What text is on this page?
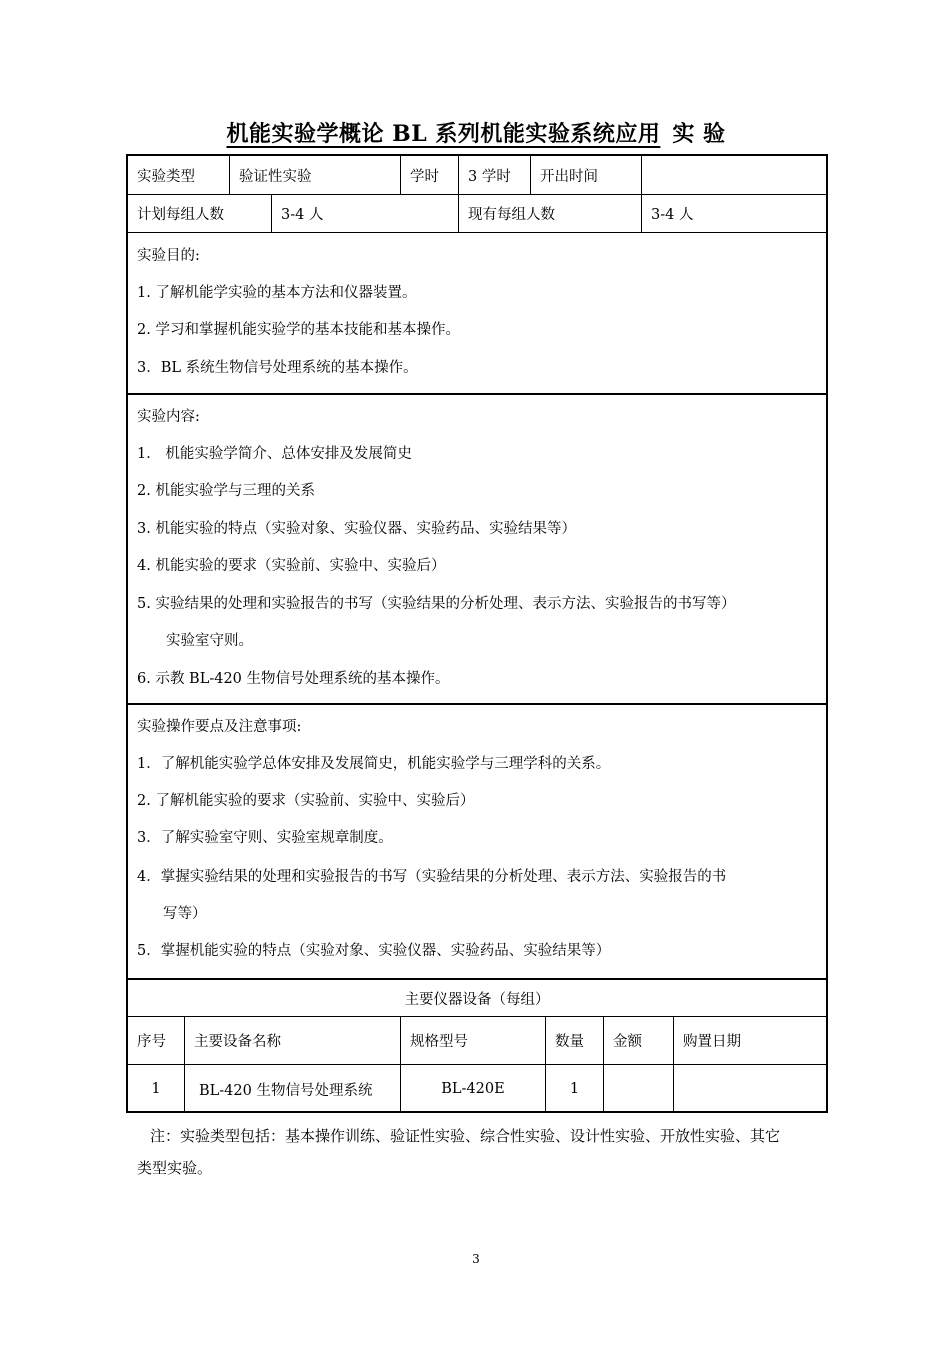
机能实验学概论 BL 系列机能实验系统应用 实 验
实验类型	验证性实验	学时	3 学时	开出时间
计划每组人数	3-4 人	现有每组人数	3-4 人
实验目的:
1. 了解机能学实验的基本方法和仪器装置。
2. 学习和掌握机能实验学的基本技能和基本操作。
3．BL 系统生物信号处理系统的基本操作。
实验内容:
1． 机能实验学简介、总体安排及发展简史
2. 机能实验学与三理的关系
3. 机能实验的特点（实验对象、实验仪器、实验药品、实验结果等）
4. 机能实验的要求（实验前、实验中、实验后）
5. 实验结果的处理和实验报告的书写（实验结果的分析处理、表示方法、实验报告的书写等）
实验室守则。
6. 示教 BL-420 生物信号处理系统的基本操作。
实验操作要点及注意事项:
1．了解机能实验学总体安排及发展简史，机能实验学与三理学科的关系。
2. 了解机能实验的要求（实验前、实验中、实验后）
3．了解实验室守则、实验室规章制度。
4．掌握实验结果的处理和实验报告的书写（实验结果的分析处理、表示方法、实验报告的书
写等）
5．掌握机能实验的特点（实验对象、实验仪器、实验药品、实验结果等）
主要仪器设备（每组）
序号	主要设备名称	规格型号	数量	金额	购置日期
1	BL-420 生物信号处理系统	BL-420E	1
注：实验类型包括：基本操作训练、验证性实验、综合性实验、设计性实验、开放性实验、其它
类型实验。
3
